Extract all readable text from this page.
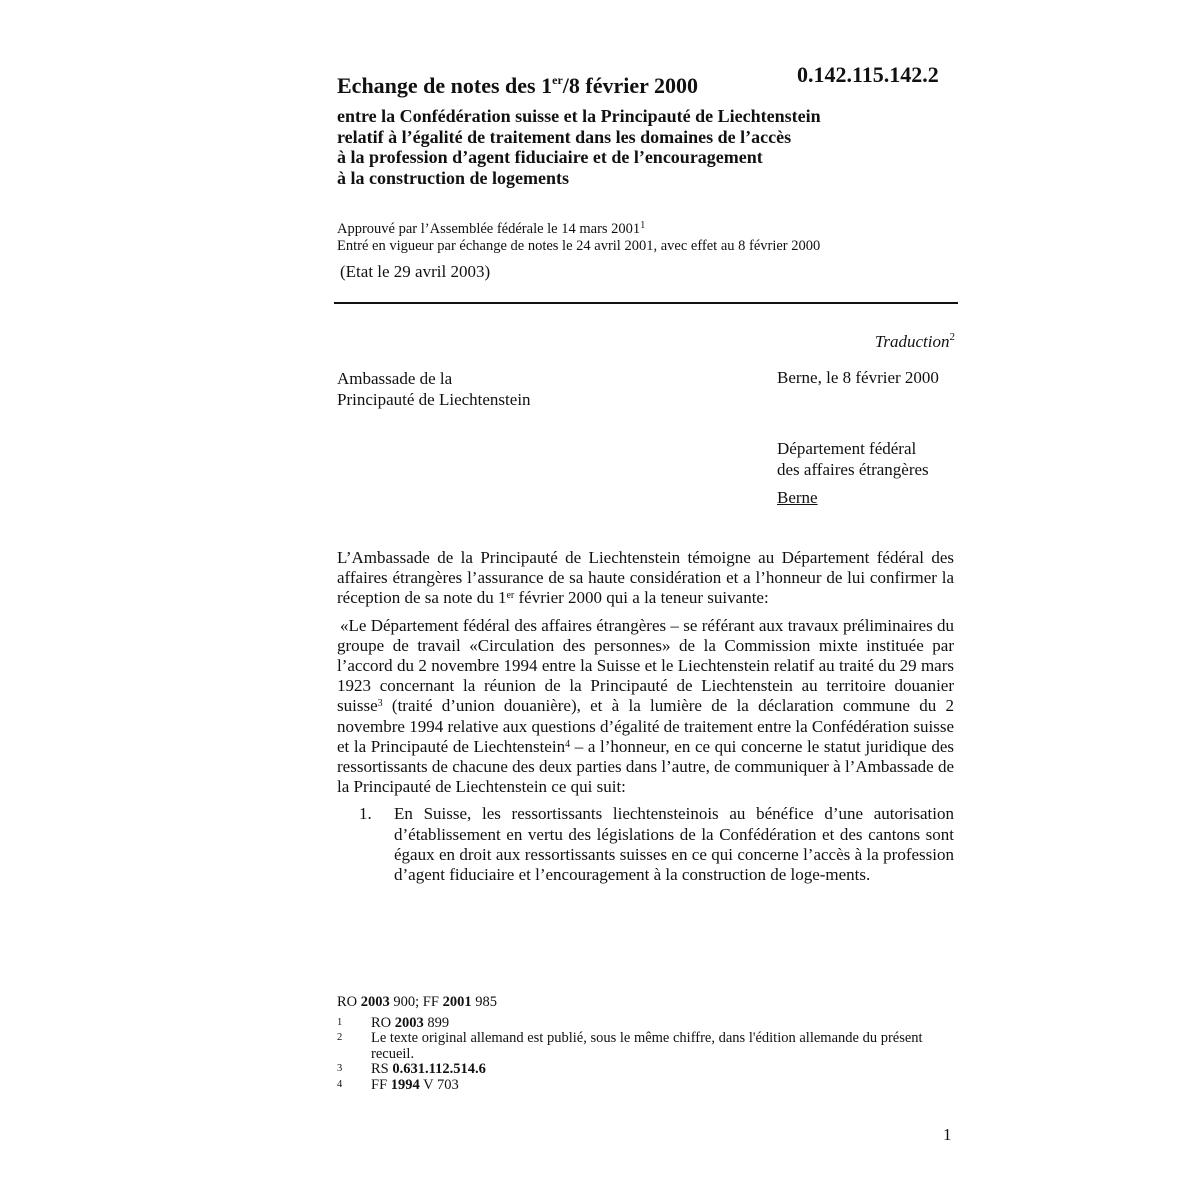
Echange de notes des 1er/8 février 2000	0.142.115.142.2
entre la Confédération suisse et la Principauté de Liechtenstein
relatif à l’égalité de traitement dans les domaines de l’accès
à la profession d’agent fiduciaire et de l’encouragement
à la construction de logements
Approuvé par l’Assemblée fédérale le 14 mars 2001$^1$
Entré en vigueur par échange de notes le 24 avril 2001, avec effet au 8 février 2000
(Etat le 29 avril 2003)
Traduction$^2$
Ambassade de la
Principauté de Liechtenstein
Berne, le 8 février 2000
Département fédéral
des affaires étrangères
Berne

L’Ambassade de la Principauté de Liechtenstein témoigne au Département fédéral des affaires étrangères l’assurance de sa haute considération et a l’honneur de lui confirmer la réception de sa note du 1er février 2000 qui a la teneur suivante:

«Le Département fédéral des affaires étrangères – se référant aux travaux préliminaires du groupe de travail «Circulation des personnes» de la Commission mixte instituée par l’accord du 2 novembre 1994 entre la Suisse et le Liechtenstein relatif au traité du 29 mars 1923 concernant la réunion de la Principauté de Liechtenstein au territoire douanier suisse$^3$ (traité d’union douanière), et à la lumière de la déclaration commune du 2 novembre 1994 relative aux questions d’égalité de traitement entre la Confédération suisse et la Principauté de Liechtenstein$^4$ – a l’honneur, en ce qui concerne le statut juridique des ressortissants de chacune des deux parties dans l’autre, de communiquer à l’Ambassade de la Principauté de Liechtenstein ce qui suit:

1.	En Suisse, les ressortissants liechtensteinois au bénéfice d’une autorisation d’établissement en vertu des législations de la Confédération et des cantons sont égaux en droit aux ressortissants suisses en ce qui concerne l’accès à la profession d’agent fiduciaire et l’encouragement à la construction de loge-ments.
RO 2003 900; FF 2001 985
1	RO 2003 899
2	Le texte original allemand est publié, sous le même chiffre, dans l'édition allemande du présent recueil.
3	RS 0.631.112.514.6
4	FF 1994 V 703
1
